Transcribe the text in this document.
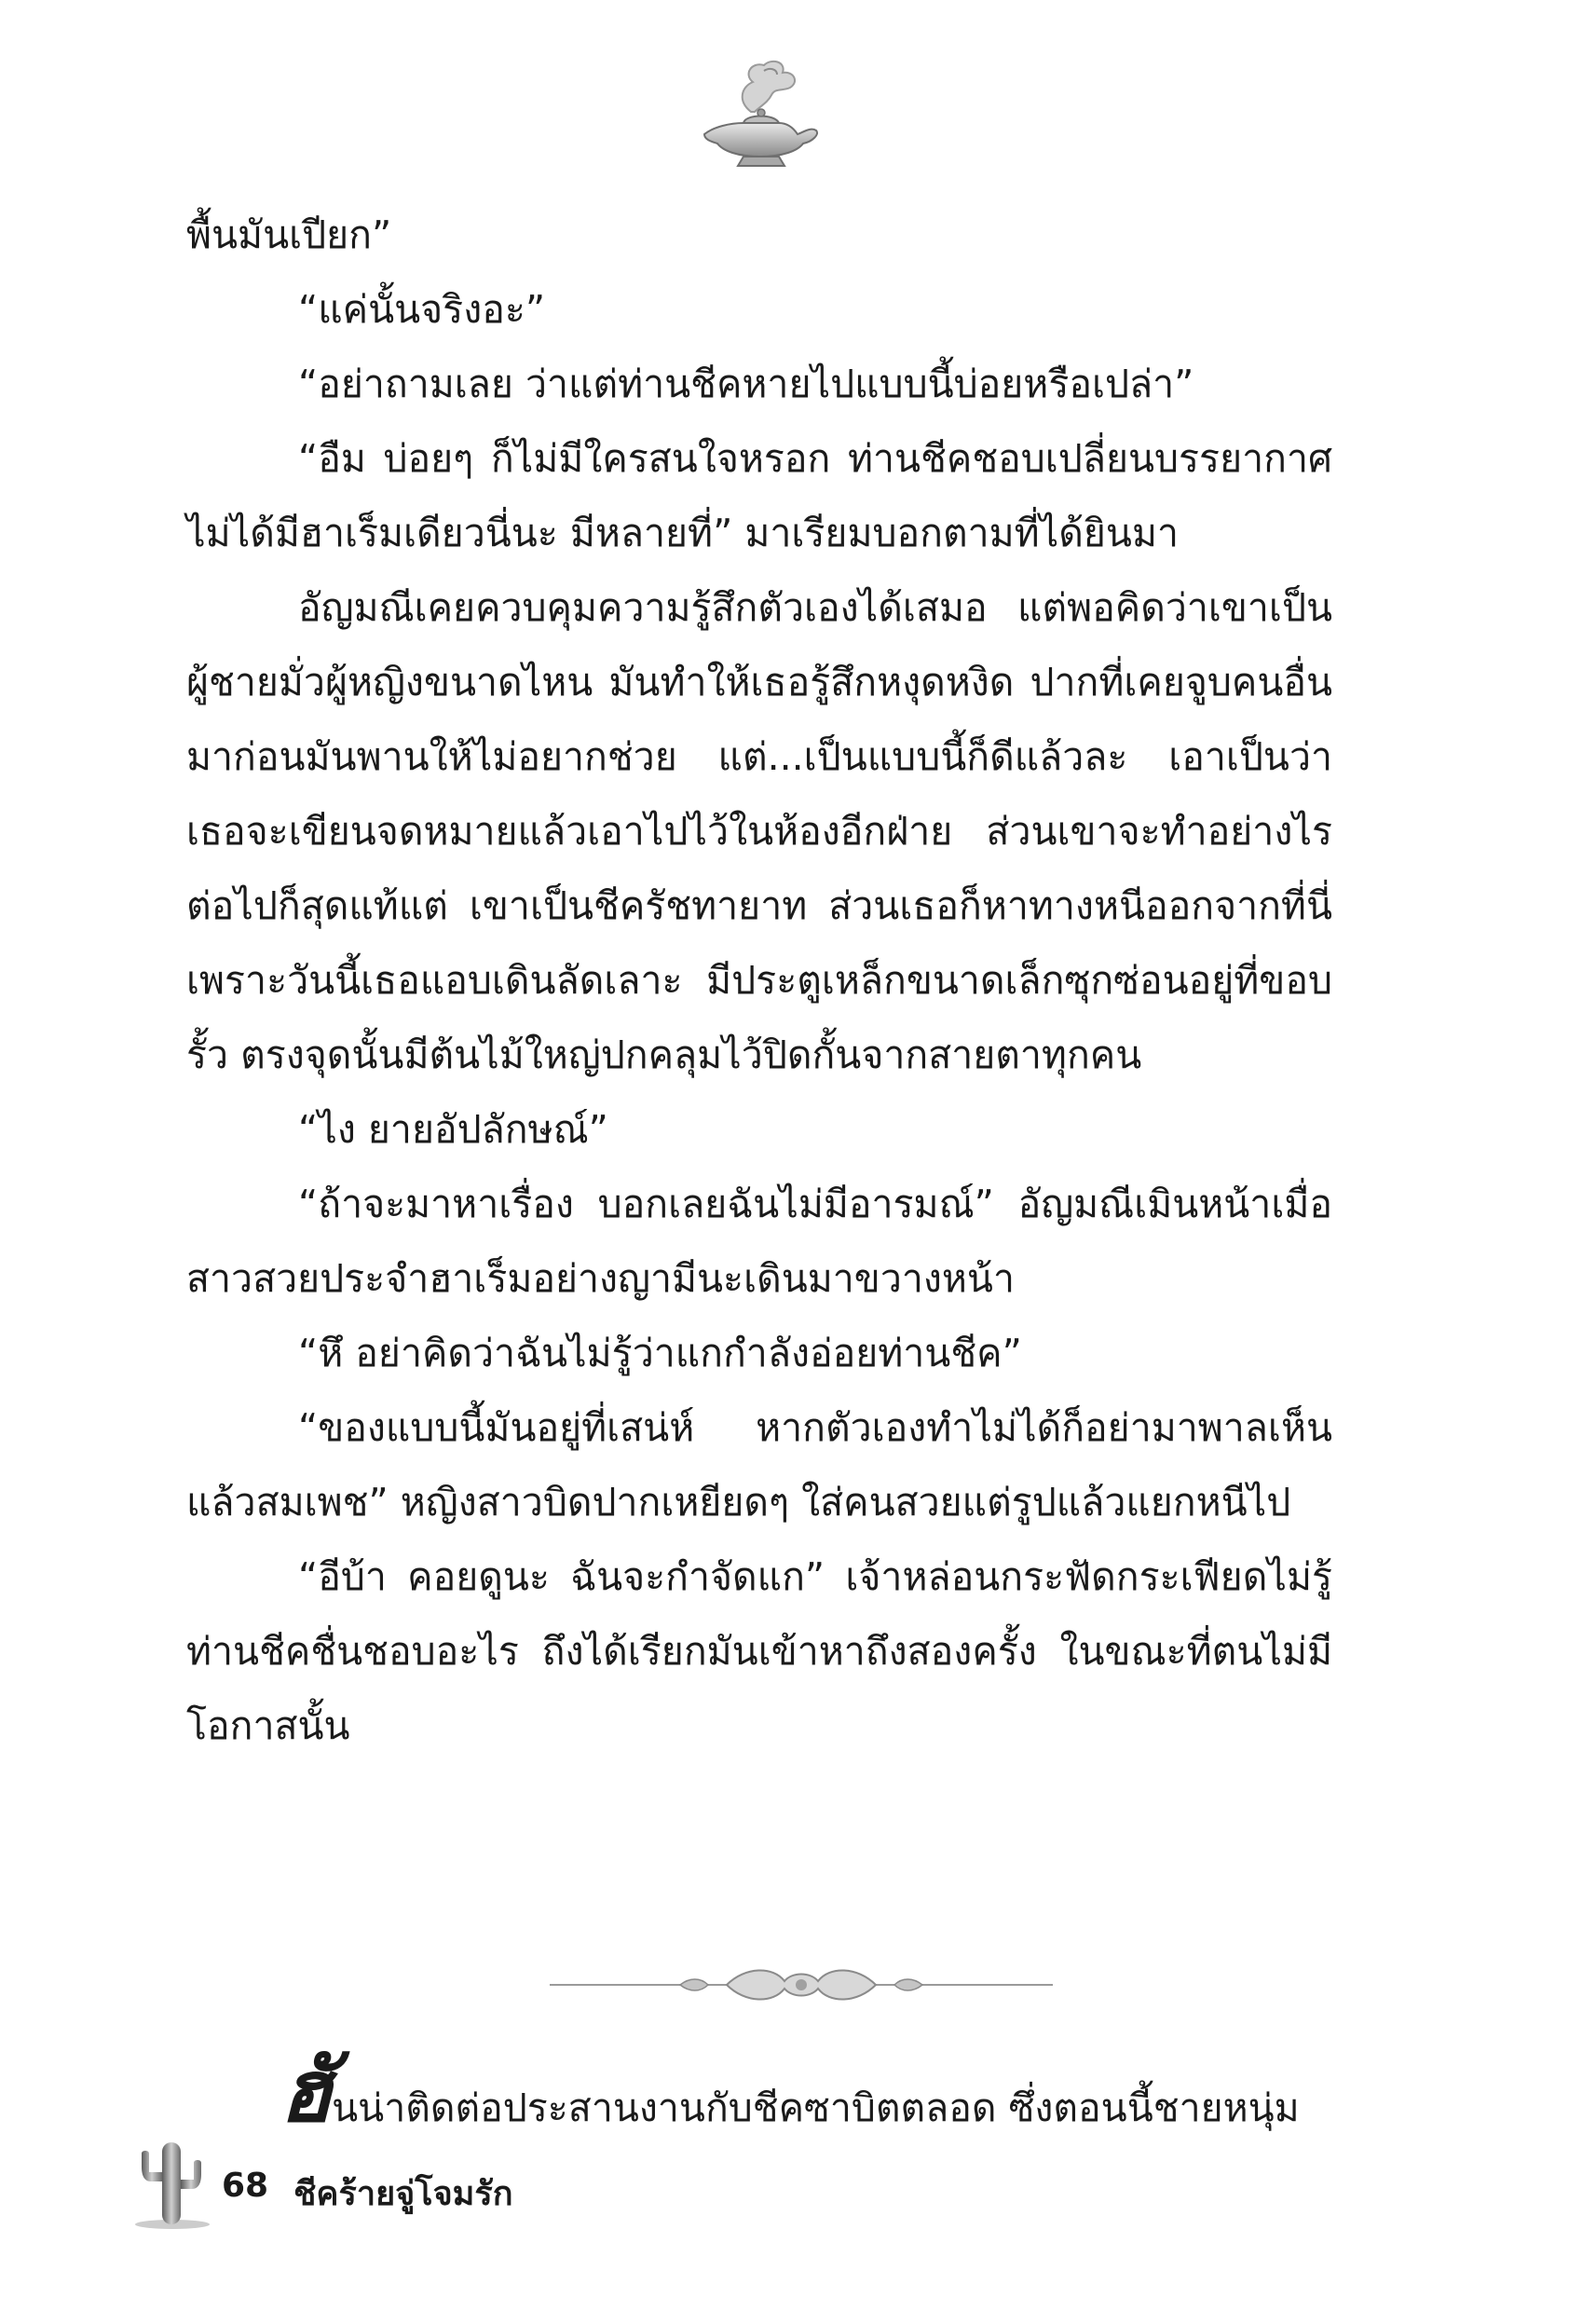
พื้นมันเปียก”

“แค่นั้นจริงอะ”

“อย่าถามเลย ว่าแต่ท่านชีคหายไปแบบนี้บ่อยหรือเปล่า”

“อืม บ่อยๆ ก็ไม่มีใครสนใจหรอก ท่านชีคชอบเปลี่ยนบรรยากาศ ไม่ได้มีฮาเร็มเดียวนี่นะ มีหลายที่” มาเรียมบอกตามที่ได้ยินมา

อัญมณีเคยควบคุมความรู้สึกตัวเองได้เสมอ แต่พอคิดว่าเขาเป็นผู้ชายมั่วผู้หญิงขนาดไหน มันทำให้เธอรู้สึกหงุดหงิด ปากที่เคยจูบคนอื่นมาก่อนมันพานให้ไม่อยากช่วย แต่...เป็นแบบนี้ก็ดีแล้วละ เอาเป็นว่าเธอจะเขียนจดหมายแล้วเอาไปไว้ในห้องอีกฝ่าย ส่วนเขาจะทำอย่างไรต่อไปก็สุดแท้แต่ เขาเป็นชีครัชทายาท ส่วนเธอก็หาทางหนีออกจากที่นี่ เพราะวันนี้เธอแอบเดินลัดเลาะ มีประตูเหล็กขนาดเล็กซุกซ่อนอยู่ที่ขอบรั้ว ตรงจุดนั้นมีต้นไม้ใหญ่ปกคลุมไว้ปิดกั้นจากสายตาทุกคน

“ไง ยายอัปลักษณ์”

“ถ้าจะมาหาเรื่อง บอกเลยฉันไม่มีอารมณ์” อัญมณีเมินหน้าเมื่อสาวสวยประจำฮาเร็มอย่างญามีนะเดินมาขวางหน้า

“หึ อย่าคิดว่าฉันไม่รู้ว่าแกกำลังอ่อยท่านชีค”

“ของแบบนี้มันอยู่ที่เสน่ห์ หากตัวเองทำไม่ได้ก็อย่ามาพาลเห็นแล้วสมเพช” หญิงสาวบิดปากเหยียดๆ ใส่คนสวยแต่รูปแล้วแยกหนีไป

“อีบ้า คอยดูนะ ฉันจะกำจัดแก” เจ้าหล่อนกระฟัดกระเฟียดไม่รู้ท่านชีคชื่นชอบอะไร ถึงได้เรียกมันเข้าหาถึงสองครั้ง ในขณะที่ตนไม่มีโอกาสนั้น

ฮันน่าติดต่อประสานงานกับชีคซาบิตตลอด ซึ่งตอนนี้ชายหนุ่ม
68 ชีคร้ายจู่โจมรัก
